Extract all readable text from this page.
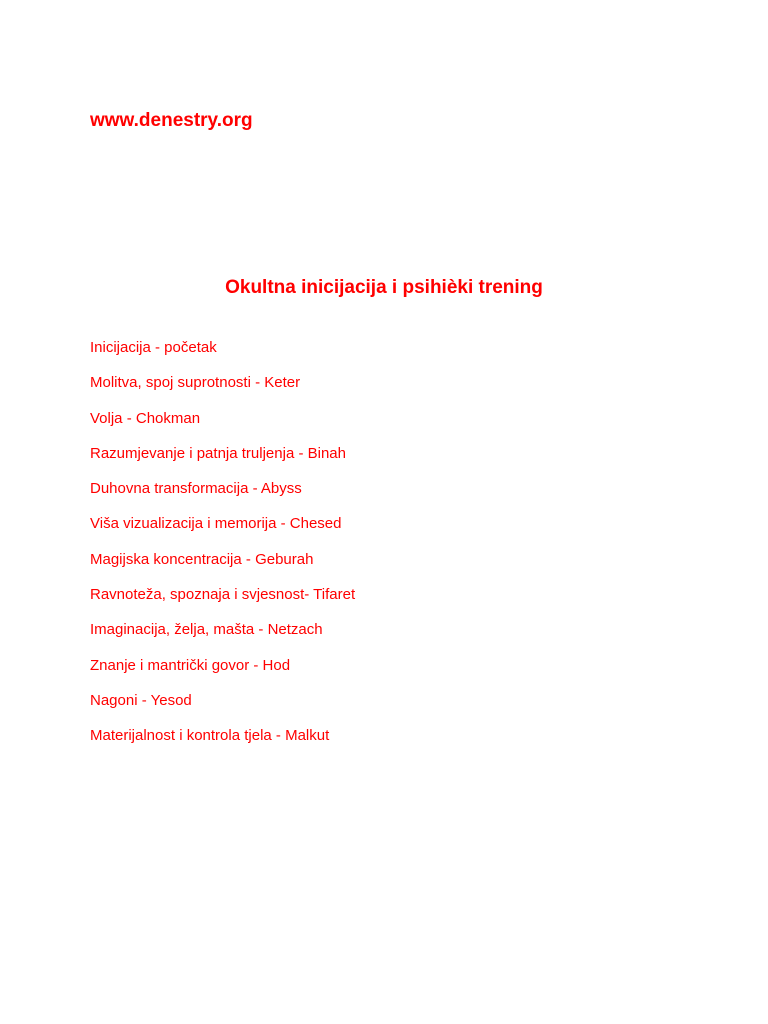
www.denestry.org
Okultna inicijacija i psihièki trening
Inicijacija - početak
Molitva, spoj suprotnosti - Keter
Volja - Chokman
Razumjevanje i patnja truljenja - Binah
Duhovna transformacija - Abyss
Viša vizualizacija i memorija - Chesed
Magijska koncentracija - Geburah
Ravnoteža, spoznaja i svjesnost- Tifaret
Imaginacija, želja, mašta - Netzach
Znanje i mantrički govor - Hod
Nagoni - Yesod
Materijalnost i kontrola tjela - Malkut
